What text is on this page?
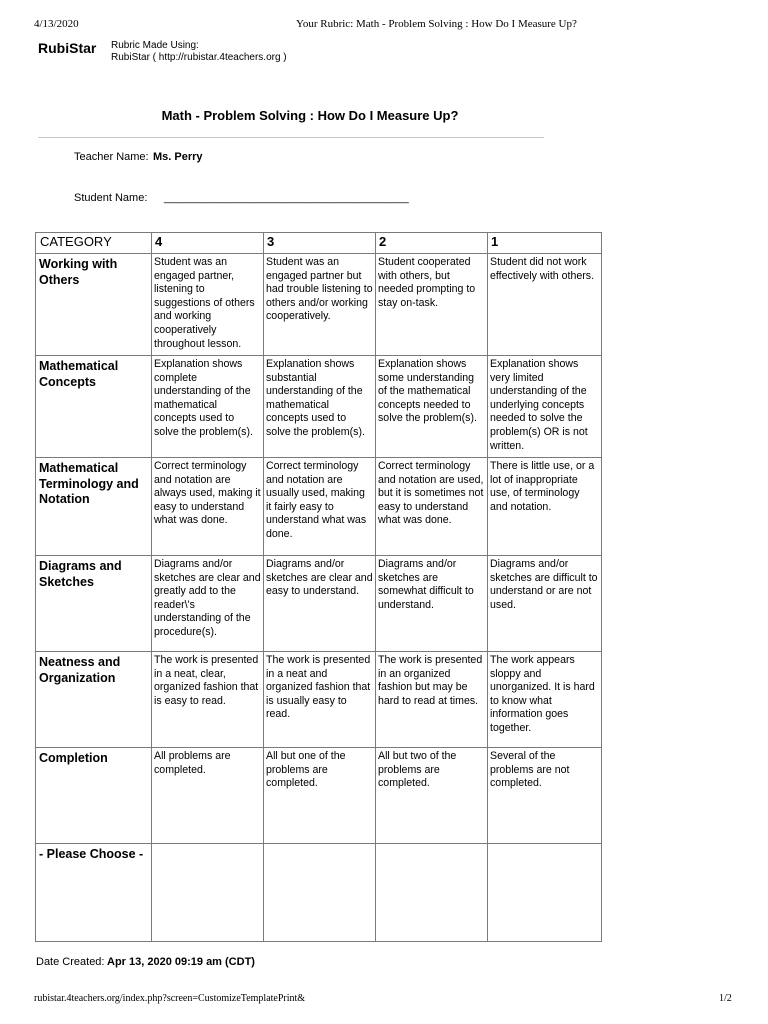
4/13/2020	Your Rubric: Math - Problem Solving : How Do I Measure Up?
RubiStar Rubric Made Using:
RubiStar ( http://rubistar.4teachers.org )
Math - Problem Solving : How Do I Measure Up?
Teacher Name: Ms. Perry
Student Name: ________________________________________
CATEGORY	4	3	2	1
Working with Others	Student was an engaged partner, listening to suggestions of others and working cooperatively throughout lesson.	Student was an engaged partner but had trouble listening to others and/or working cooperatively.	Student cooperated with others, but needed prompting to stay on-task.	Student did not work effectively with others.
Mathematical Concepts	Explanation shows complete understanding of the mathematical concepts used to solve the problem(s).	Explanation shows substantial understanding of the mathematical concepts used to solve the problem(s).	Explanation shows some understanding of the mathematical concepts needed to solve the problem(s).	Explanation shows very limited understanding of the underlying concepts needed to solve the problem(s) OR is not written.
Mathematical Terminology and Notation	Correct terminology and notation are always used, making it easy to understand what was done.	Correct terminology and notation are usually used, making it fairly easy to understand what was done.	Correct terminology and notation are used, but it is sometimes not easy to understand what was done.	There is little use, or a lot of inappropriate use, of terminology and notation.
Diagrams and Sketches	Diagrams and/or sketches are clear and greatly add to the reader\'s understanding of the procedure(s).	Diagrams and/or sketches are clear and easy to understand.	Diagrams and/or sketches are somewhat difficult to understand.	Diagrams and/or sketches are difficult to understand or are not used.
Neatness and Organization	The work is presented in a neat, clear, organized fashion that is easy to read.	The work is presented in a neat and organized fashion that is usually easy to read.	The work is presented in an organized fashion but may be hard to read at times.	The work appears sloppy and unorganized. It is hard to know what information goes together.
Completion	All problems are completed.	All but one of the problems are completed.	All but two of the problems are completed.	Several of the problems are not completed.
- Please Choose -				
Date Created: Apr 13, 2020 09:19 am (CDT)
rubistar.4teachers.org/index.php?screen=CustomizeTemplatePrint&	1/2
